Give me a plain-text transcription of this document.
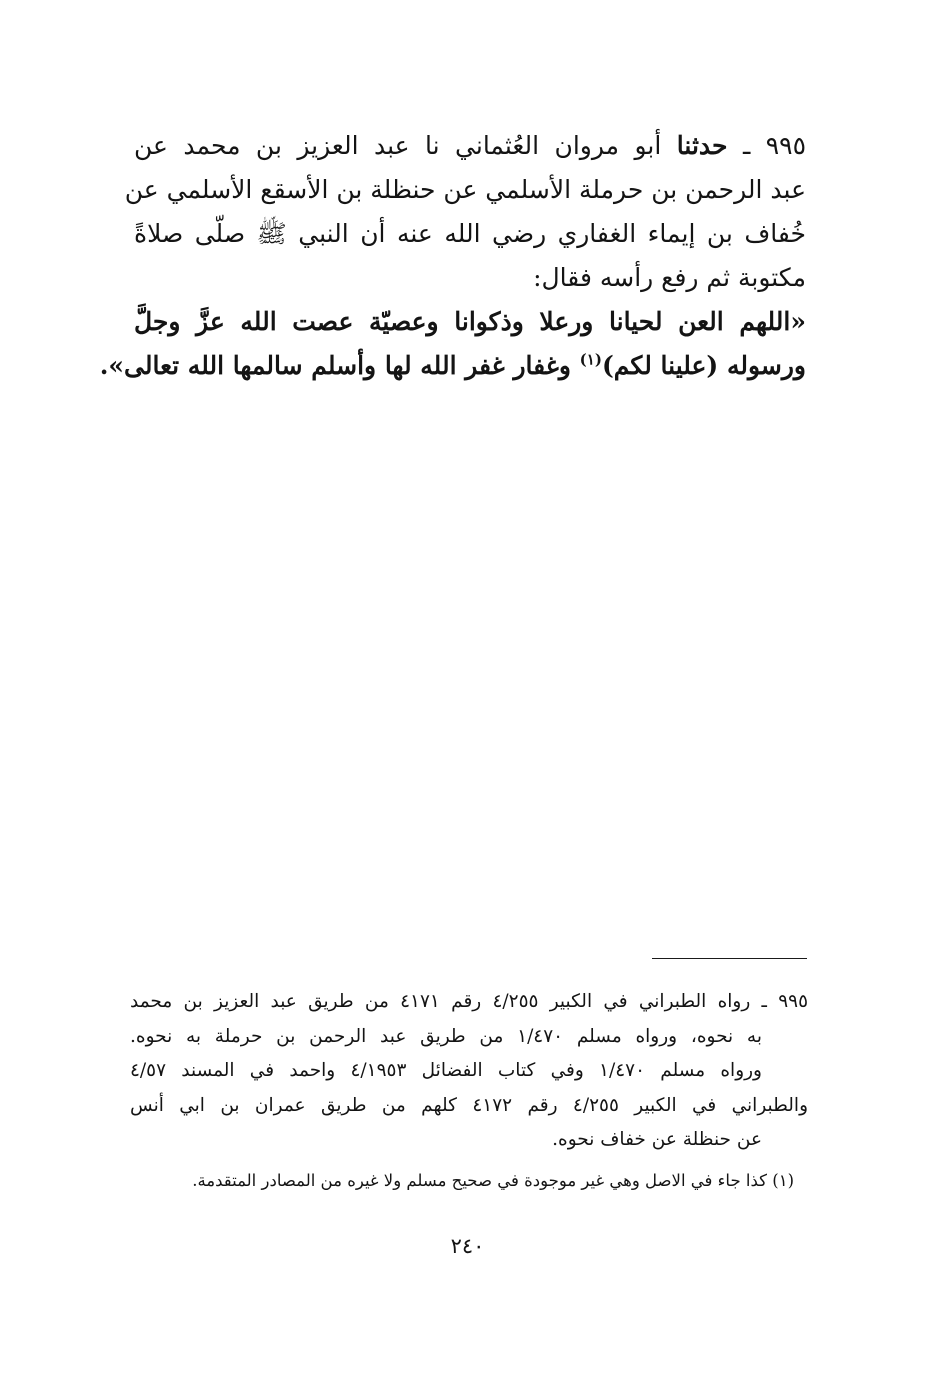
٩٩٥ ـ حدثنا أبو مروان العُثماني نا عبد العزيز بن محمد عن
عبد الرحمن بن حرملة الأسلمي عن حنظلة بن الأسقع الأسلمي عن
خُفاف بن إيماء الغفاري رضي الله عنه أن النبي ﷺ صلّى صلاةً
مكتوبة ثم رفع رأسه فقال:
«اللهم العن لحيانا ورعلا وذكوانا وعصيّة عصت الله عزَّ وجلَّ
ورسوله (علينا لكم)$^{(١)}$ وغفار غفر الله لها وأسلم سالمها الله تعالى».
٩٩٥ ـ رواه الطبراني في الكبير ٤/٢٥٥ رقم ٤١٧١ من طريق عبد العزيز بن محمد
به نحوه، ورواه مسلم ١/٤٧٠ من طريق عبد الرحمن بن حرملة به نحوه.
ورواه مسلم ١/٤٧٠ وفي كتاب الفضائل ٤/١٩٥٣ واحمد في المسند ٤/٥٧
والطبراني في الكبير ٤/٢٥٥ رقم ٤١٧٢ كلهم من طريق عمران بن ابي أنس
عن حنظلة عن خفاف نحوه.
(١) كذا جاء في الاصل وهي غير موجودة في صحيح مسلم ولا غيره من المصادر المتقدمة.
٢٤٠
